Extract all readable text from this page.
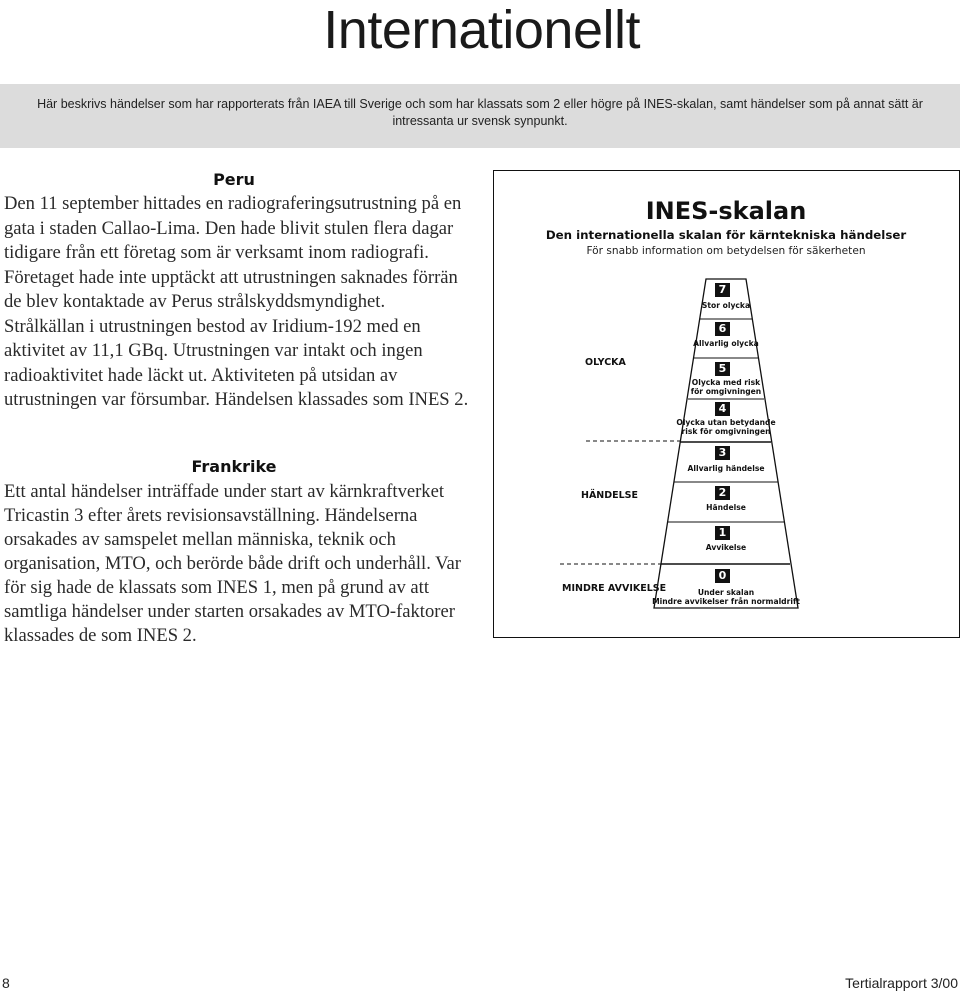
Internationellt
Här beskrivs händelser som har rapporterats från IAEA till Sverige och som har klassats som 2 eller högre på INES-skalan, samt händelser som på annat sätt är intressanta ur svensk synpunkt.
Peru

Den 11 september hittades en radiograferingsutrustning på en gata i staden Callao-Lima. Den hade blivit stulen flera dagar tidigare från ett företag som är verksamt inom radiografi. Företaget hade inte upptäckt att utrustningen saknades förrän de blev kontaktade av Perus strålskyddsmyndighet. Strålkällan i utrustningen bestod av Iridium-192 med en aktivitet av 11,1 GBq. Utrustningen var intakt och ingen radioaktivitet hade läckt ut. Aktiviteten på utsidan av utrustningen var försumbar. Händelsen klassades som INES 2.

Frankrike

Ett antal händelser inträffade under start av kärnkraftverket Tricastin 3 efter årets revisionsavställning. Händelserna orsakades av samspelet mellan människa, teknik och organisation, MTO, och berörde både drift och underhåll. Var för sig hade de klassats som INES 1, men på grund av att samtliga händelser under starten orsakades av MTO-faktorer klassades de som INES 2.

INES-skalan
Den internationella skalan för kärntekniska händelser
För snabb information om betydelsen för säkerheten
OLYCKA
HÄNDELSE
MINDRE AVVIKELSE
7
Stor olycka
6
Allvarlig olycka
5
Olycka med risk
för omgivningen
4
Olycka utan betydande
risk för omgivningen
3
Allvarlig händelse
2
Händelse
1
Avvikelse
0
Under skalan
Mindre avvikelser från normaldrift
8	Tertialrapport 3/00
